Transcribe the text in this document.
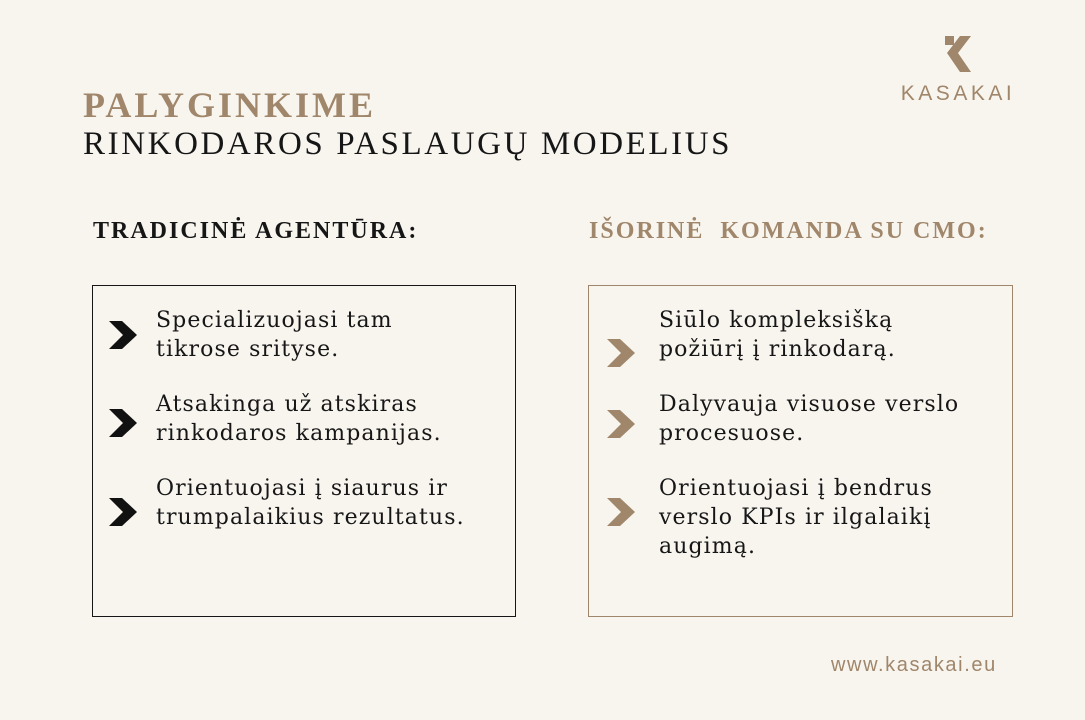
KASAKAI
PALYGINKIME
RINKODAROS PASLAUGŲ MODELIUS
TRADICINĖ AGENTŪRA:	IŠORINĖ  KOMANDA SU CMO:
Specializuojasi tam
tikrose srityse.
Atsakinga už atskiras
rinkodaros kampanijas.
Orientuojasi į siaurus ir
trumpalaikius rezultatus.
Siūlo kompleksišką
požiūrį į rinkodarą.
Dalyvauja visuose verslo
procesuose.
Orientuojasi į bendrus
verslo KPIs ir ilgalaikį
augimą.
www.kasakai.eu
